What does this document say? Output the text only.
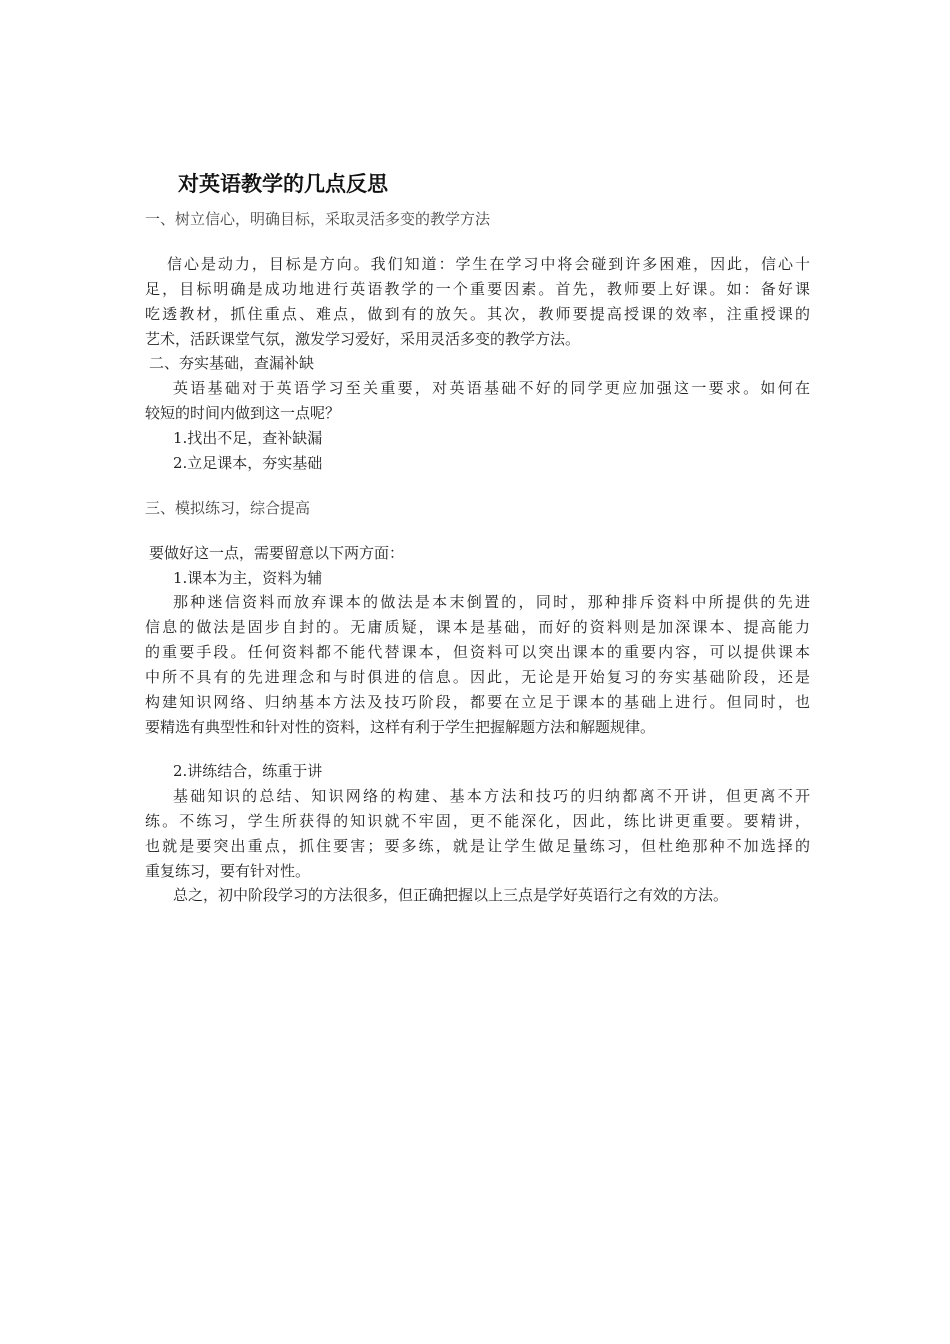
对英语教学的几点反思
一、树立信心，明确目标，采取灵活多变的教学方法
信心是动力，目标是方向。我们知道：学生在学习中将会碰到许多困难，因此，信心十
足，目标明确是成功地进行英语教学的一个重要因素。首先，教师要上好课。如：备好课
吃透教材，抓住重点、难点，做到有的放矢。其次，教师要提高授课的效率，注重授课的
艺术，活跃课堂气氛，激发学习爱好，采用灵活多变的教学方法。
二、夯实基础，查漏补缺
英语基础对于英语学习至关重要，对英语基础不好的同学更应加强这一要求。如何在
较短的时间内做到这一点呢？
1.找出不足，查补缺漏
2.立足课本，夯实基础
三、模拟练习，综合提高
要做好这一点，需要留意以下两方面：
1.课本为主，资料为辅
那种迷信资料而放弃课本的做法是本末倒置的，同时，那种排斥资料中所提供的先进
信息的做法是固步自封的。无庸质疑，课本是基础，而好的资料则是加深课本、提高能力
的重要手段。任何资料都不能代替课本，但资料可以突出课本的重要内容，可以提供课本
中所不具有的先进理念和与时俱进的信息。因此，无论是开始复习的夯实基础阶段，还是
构建知识网络、归纳基本方法及技巧阶段，都要在立足于课本的基础上进行。但同时，也
要精选有典型性和针对性的资料，这样有利于学生把握解题方法和解题规律。
2.讲练结合，练重于讲
基础知识的总结、知识网络的构建、基本方法和技巧的归纳都离不开讲，但更离不开
练。不练习，学生所获得的知识就不牢固，更不能深化，因此，练比讲更重要。要精讲，
也就是要突出重点，抓住要害；要多练，就是让学生做足量练习，但杜绝那种不加选择的
重复练习，要有针对性。
总之，初中阶段学习的方法很多，但正确把握以上三点是学好英语行之有效的方法。
